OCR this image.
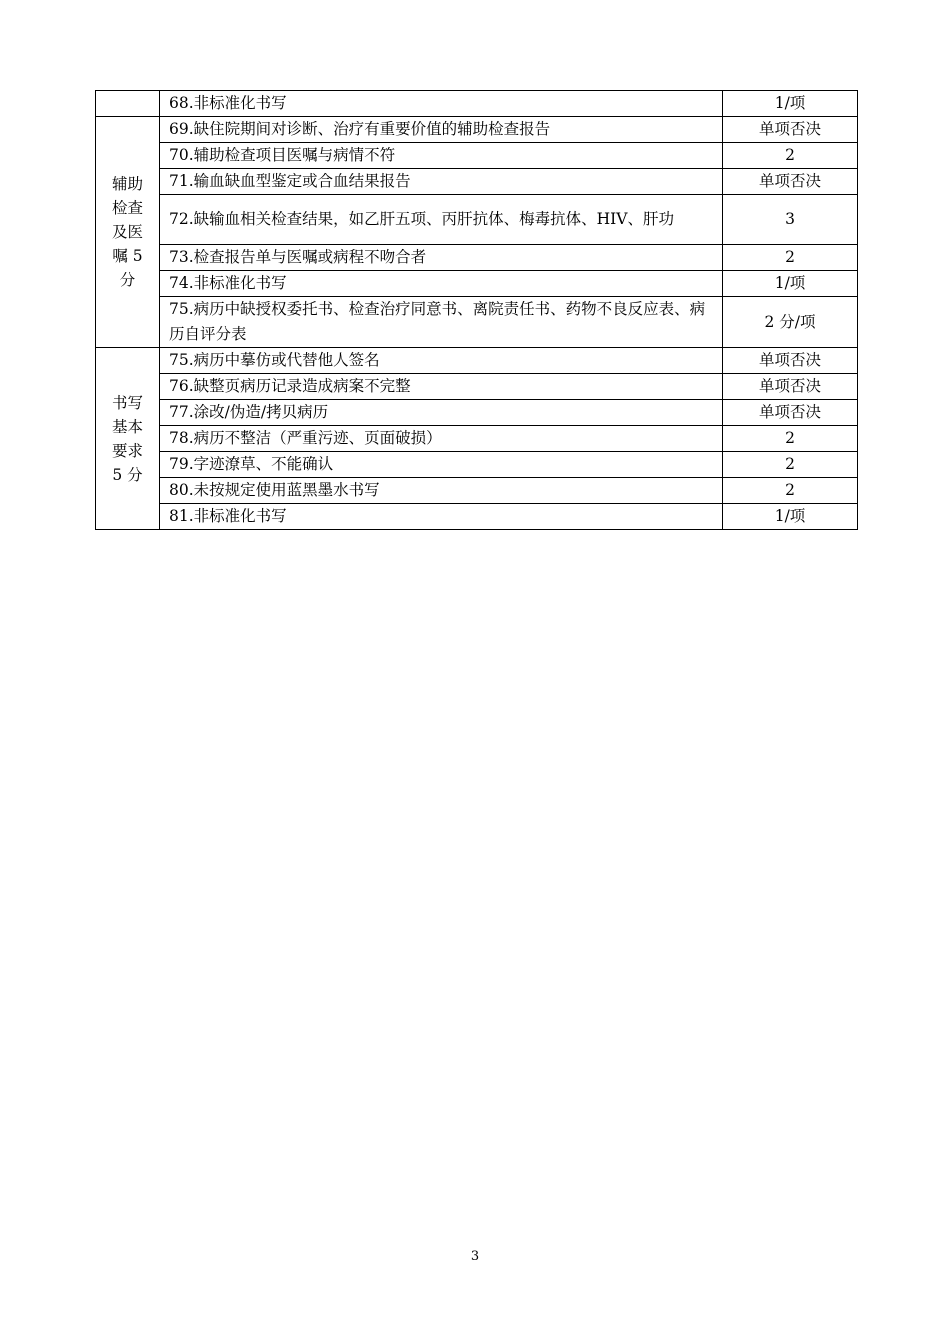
	68.非标准化书写	1/项
辅助
检查
及医
嘱 5
分	69.缺住院期间对诊断、治疗有重要价值的辅助检查报告	单项否决
	70.辅助检查项目医嘱与病情不符	2
	71.输血缺血型鉴定或合血结果报告	单项否决
	72.缺输血相关检查结果，如乙肝五项、丙肝抗体、梅毒抗体、HIV、肝功	3
	73.检查报告单与医嘱或病程不吻合者	2
	74.非标准化书写	1/项
	75.病历中缺授权委托书、检查治疗同意书、离院责任书、药物不良反应表、病历自评分表	2 分/项
书写
基本
要求
5 分	75.病历中摹仿或代替他人签名	单项否决
	76.缺整页病历记录造成病案不完整	单项否决
	77.涂改/伪造/拷贝病历	单项否决
	78.病历不整洁（严重污迹、页面破损）	2
	79.字迹潦草、不能确认	2
	80.未按规定使用蓝黑墨水书写	2
	81.非标准化书写	1/项
3
